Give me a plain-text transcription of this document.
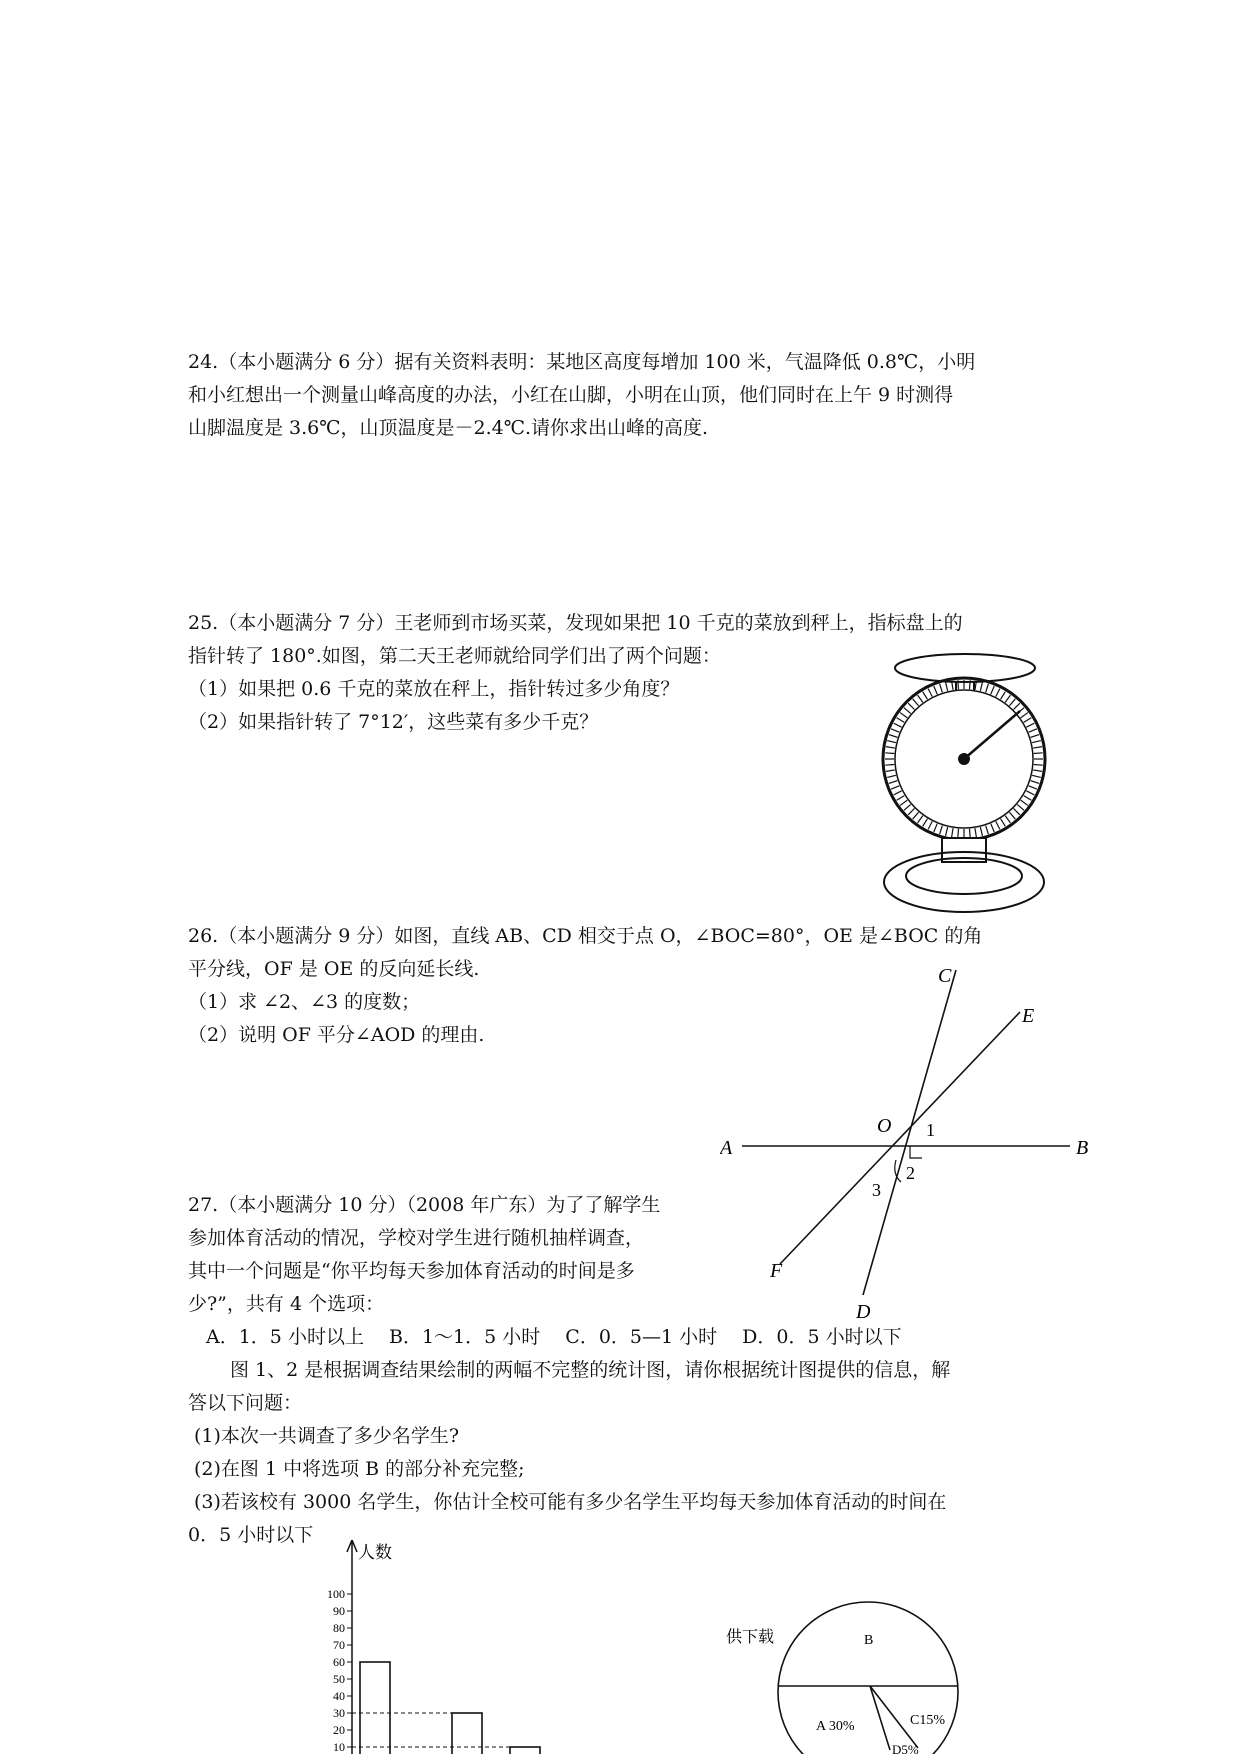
24.（本小题满分 6 分）据有关资料表明：某地区高度每增加 100 米，气温降低 0.8℃，小明
和小红想出一个测量山峰高度的办法，小红在山脚，小明在山顶，他们同时在上午 9 时测得
山脚温度是 3.6℃，山顶温度是－2.4℃.请你求出山峰的高度.
25.（本小题满分 7 分）王老师到市场买菜，发现如果把 10 千克的菜放到秤上，指标盘上的
指针转了 180°.如图，第二天王老师就给同学们出了两个问题：
（1）如果把 0.6 千克的菜放在秤上，指针转过多少角度？
（2）如果指针转了 7°12′，这些菜有多少千克？
26.（本小题满分 9 分）如图，直线 AB、CD 相交于点 O，∠BOC=80°，OE 是∠BOC 的角
平分线，OF 是 OE 的反向延长线.
（1）求 ∠2、∠3 的度数；
（2）说明 OF 平分∠AOD 的理由.
A	B
C
D
E
F
O 1
2
3
27.（本小题满分 10 分）（2008 年广东）为了了解学生
参加体育活动的情况，学校对学生进行随机抽样调查，
其中一个问题是“你平均每天参加体育活动的时间是多
少?”，共有 4 个选项：
A．1．5 小时以上　 B．1～1．5 小时　 C．0．5—1 小时　 D．0．5 小时以下
图 1、2 是根据调查结果绘制的两幅不完整的统计图，请你根据统计图提供的信息，解
答以下问题：
(1)本次一共调查了多少名学生?
(2)在图 1 中将选项 B 的部分补充完整;
(3)若该校有 3000 名学生，你估计全校可能有多少名学生平均每天参加体育活动的时间在
0．5 小时以下
人数
100
90
80
70
60
50
40
30
20
10
供下载	B
A 30%	C15%
D5%
